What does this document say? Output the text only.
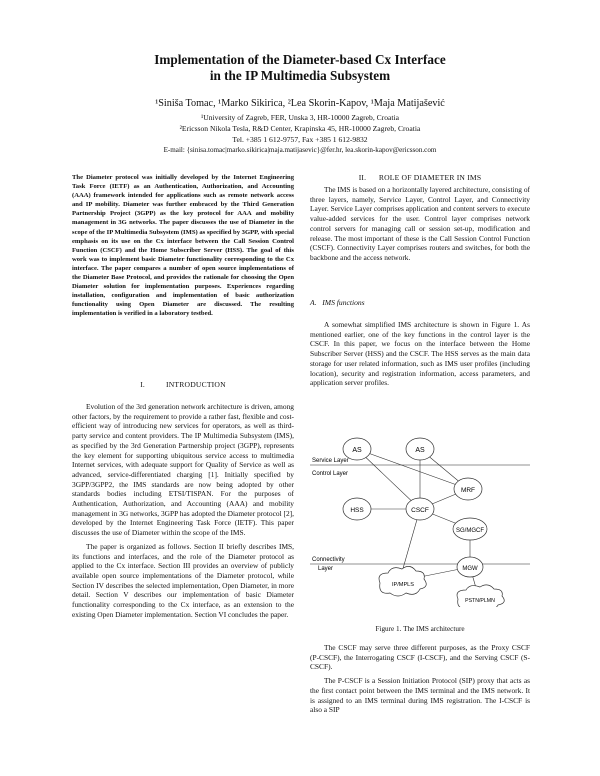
Implementation of the Diameter-based Cx Interface
in the IP Multimedia Subsystem
¹Siniša Tomac, ¹Marko Sikirica, ²Lea Skorin-Kapov, ¹Maja Matijašević
¹University of Zagreb, FER, Unska 3, HR-10000 Zagreb, Croatia
²Ericsson Nikola Tesla, R&D Center, Krapinska 45, HR-10000 Zagreb, Croatia
Tel. +385 1 612-9757, Fax +385 1 612-9832
E-mail: {sinisa.tomac|marko.sikirica|maja.matijasevic}@fer.hr, lea.skorin-kapov@ericsson.com

The Diameter protocol was initially developed by the Internet Engineering Task Force (IETF) as an Authentication, Authorization, and Accounting (AAA) framework intended for applications such as remote network access and IP mobility. Diameter was further embraced by the Third Generation Partnership Project (3GPP) as the key protocol for AAA and mobility management in 3G networks. The paper discusses the use of Diameter in the scope of the IP Multimedia Subsystem (IMS) as specified by 3GPP, with special emphasis on its use on the Cx interface between the Call Session Control Function (CSCF) and the Home Subscriber Server (HSS). The goal of this work was to implement basic Diameter functionality corresponding to the Cx interface. The paper compares a number of open source implementations of the Diameter Base Protocol, and provides the rationale for choosing the Open Diameter solution for implementation purposes. Experiences regarding installation, configuration and implementation of basic authorization functionality using Open Diameter are discussed. The resulting implementation is verified in a laboratory testbed.

I.          INTRODUCTION

Evolution of the 3rd generation network architecture is driven, among other factors, by the requirement to provide a rather fast, flexible and cost-efficient way of introducing new services for operators, as well as third-party service and content providers. The IP Multimedia Subsystem (IMS), as specified by the 3rd Generation Partnership project (3GPP), represents the key element for supporting ubiquitous service access to multimedia Internet services, with adequate support for Quality of Service as well as advanced, service-differentiated charging [1]. Initially specified by 3GPP/3GPP2, the IMS standards are now being adopted by other standards bodies including ETSI/TISPAN. For the purposes of Authentication, Authorization, and Accounting (AAA) and mobility management in 3G networks, 3GPP has adopted the Diameter protocol [2], developed by the Internet Engineering Task Force (IETF). This paper discusses the use of Diameter within the scope of the IMS.

The paper is organized as follows. Section II briefly describes IMS, its functions and interfaces, and the role of the Diameter protocol as applied to the Cx interface. Section III provides an overview of publicly available open source implementations of the Diameter protocol, while Section IV describes the selected implementation, Open Diameter, in more detail. Section V describes our implementation of basic Diameter functionality corresponding to the Cx interface, as an extension to the existing Open Diameter implementation. Section VI concludes the paper.

II.      ROLE OF DIAMETER IN IMS

The IMS is based on a horizontally layered architecture, consisting of three layers, namely, Service Layer, Control Layer, and Connectivity Layer. Service Layer comprises application and content servers to execute value-added services for the user. Control layer comprises network control servers for managing call or session set-up, modification and release. The most important of these is the Call Session Control Function (CSCF). Connectivity Layer comprises routers and switches, for both the backbone and the access network.

A.   IMS functions

A somewhat simplified IMS architecture is shown in Figure 1. As mentioned earlier, one of the key functions in the control layer is the CSCF. In this paper, we focus on the interface between the Home Subscriber Server (HSS) and the CSCF. The HSS serves as the main data storage for user related information, such as IMS user profiles (including location), security and registration information, access parameters, and application server profiles.

AS	AS
MRF
HSS	CSCF
SG/MGCF
MGW
IP/MPLS
PSTN/PLMN
Service Layer
Control Layer
Connectivity
Layer
Figure 1. The IMS architecture

The CSCF may serve three different purposes, as the Proxy CSCF (P-CSCF), the Interrogating CSCF (I-CSCF), and the Serving CSCF (S-CSCF).

The P-CSCF is a Session Initiation Protocol (SIP) proxy that acts as the first contact point between the IMS terminal and the IMS network. It is assigned to an IMS terminal during IMS registration. The I-CSCF is also a SIP
